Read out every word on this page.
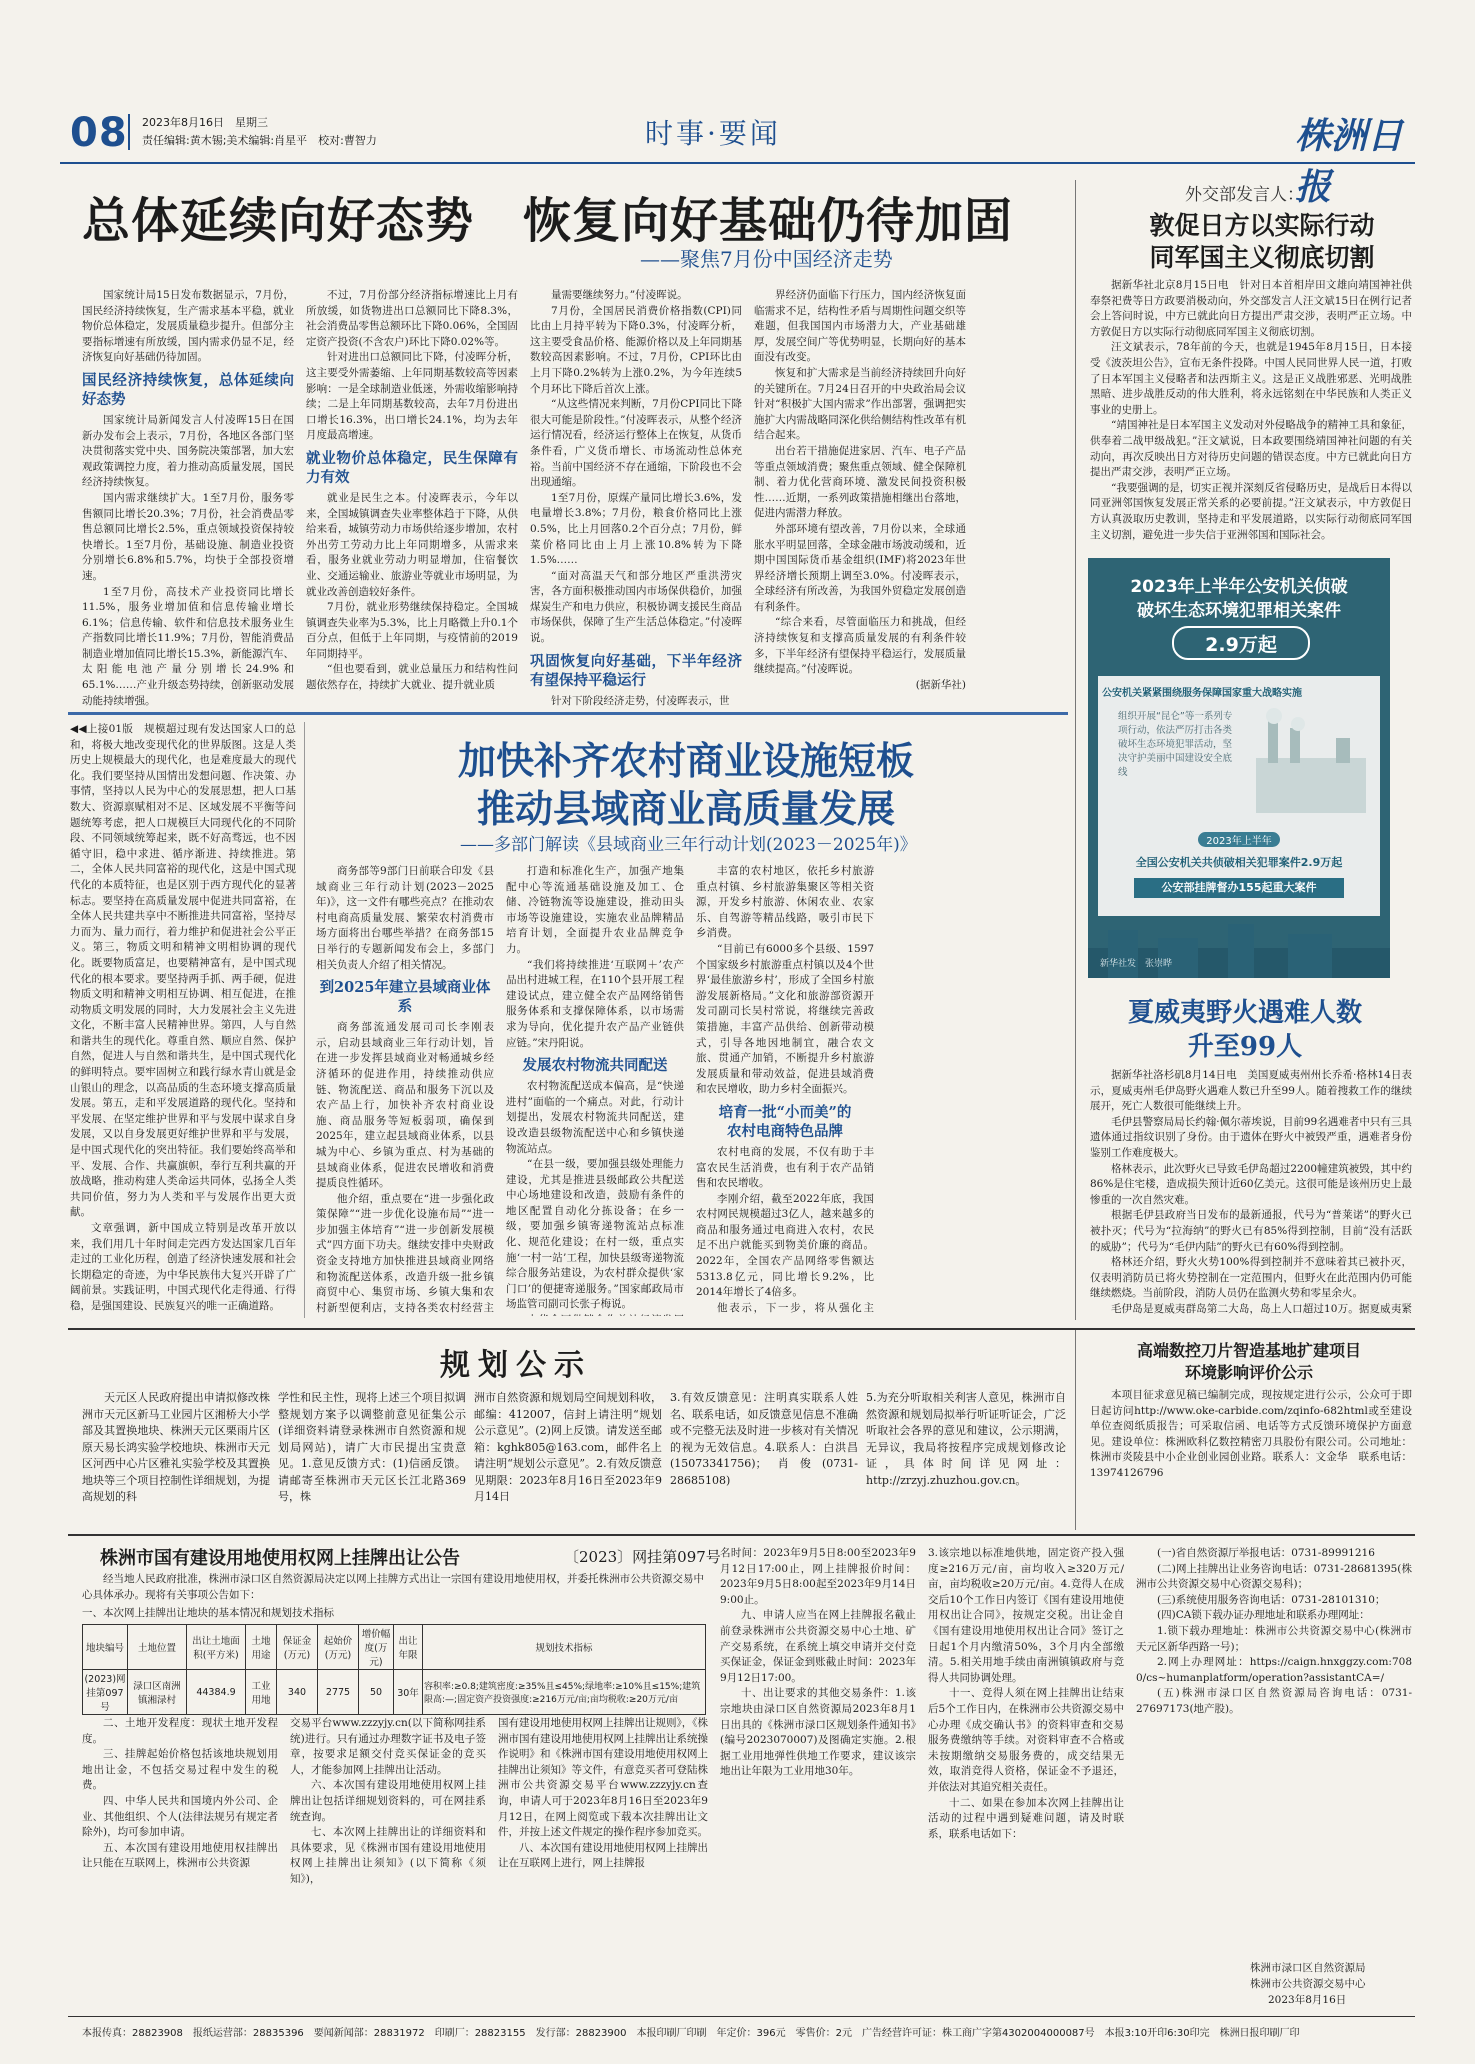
08 2023年8月16日　星期三
责任编辑:黄木锡;美术编辑:肖星平　校对:曹智力	时事·要闻	株洲日报
总体延续向好态势　恢复向好基础仍待加固
——聚焦7月份中国经济走势

国家统计局15日发布数据显示，7月份，国民经济持续恢复，生产需求基本平稳，就业物价总体稳定，发展质量稳步提升。但部分主要指标增速有所放缓，国内需求仍显不足，经济恢复向好基础仍待加固。

国民经济持续恢复，总体延续向好态势

国家统计局新闻发言人付凌晖15日在国新办发布会上表示，7月份，各地区各部门坚决贯彻落实党中央、国务院决策部署，加大宏观政策调控力度，着力推动高质量发展，国民经济持续恢复。

国内需求继续扩大。1至7月份，服务零售额同比增长20.3%；7月份，社会消费品零售总额同比增长2.5%，重点领域投资保持较快增长。1至7月份，基础设施、制造业投资分别增长6.8%和5.7%，均快于全部投资增速。

1至7月份，高技术产业投资同比增长11.5%，服务业增加值和信息传输业增长6.1%；信息传输、软件和信息技术服务业生产指数同比增长11.9%；7月份，智能消费品制造业增加值同比增长15.3%，新能源汽车、太阳能电池产量分别增长24.9%和65.1%……产业升级态势持续，创新驱动发展动能持续增强。

不过，7月份部分经济指标增速比上月有所放缓，如货物进出口总额同比下降8.3%，社会消费品零售总额环比下降0.06%，全国固定资产投资(不含农户)环比下降0.02%等。

针对进出口总额同比下降，付凌晖分析，这主要受外需萎缩、上年同期基数较高等因素影响：一是全球制造业低迷，外需收缩影响持续；二是上年同期基数较高，去年7月份进出口增长16.3%，出口增长24.1%，均为去年月度最高增速。

就业物价总体稳定，民生保障有力有效

就业是民生之本。付凌晖表示，今年以来，全国城镇调查失业率整体趋于下降，从供给来看，城镇劳动力市场供给逐步增加，农村外出劳工劳动力比上年同期增多，从需求来看，服务业就业劳动力明显增加，住宿餐饮业、交通运输业、旅游业等就业市场明显，为就业改善创造较好条件。

7月份，就业形势继续保持稳定。全国城镇调查失业率为5.3%，比上月略微上升0.1个百分点，但低于上年同期，与疫情前的2019年同期持平。

“但也要看到，就业总量压力和结构性问题依然存在，持续扩大就业、提升就业质

量需要继续努力。”付凌晖说。

7月份，全国居民消费价格指数(CPI)同比由上月持平转为下降0.3%，付凌晖分析，这主要受食品价格、能源价格以及上年同期基数较高因素影响。不过，7月份，CPI环比由上月下降0.2%转为上涨0.2%，为今年连续5个月环比下降后首次上涨。

“从这些情况来判断，7月份CPI同比下降很大可能是阶段性。”付凌晖表示，从整个经济运行情况看，经济运行整体上在恢复，从货币条件看，广义货币增长、市场流动性总体充裕。当前中国经济不存在通缩，下阶段也不会出现通缩。

1至7月份，原煤产量同比增长3.6%，发电量增长3.8%；7月份，粮食价格同比上涨0.5%，比上月回落0.2个百分点；7月份，鲜菜价格同比由上月上涨10.8%转为下降1.5%……

“面对高温天气和部分地区严重洪涝灾害，各方面积极推动国内市场保供稳价，加强煤炭生产和电力供应，积极协调支援民生商品市场保供，保障了生产生活总体稳定。”付凌晖说。

巩固恢复向好基础，下半年经济有望保持平稳运行

针对下阶段经济走势，付凌晖表示，世

界经济仍面临下行压力，国内经济恢复面临需求不足，结构性矛盾与周期性问题交织等难题，但我国国内市场潜力大，产业基础雄厚，发展空间广等优势明显，长期向好的基本面没有改变。

恢复和扩大需求是当前经济持续回升向好的关键所在。7月24日召开的中央政治局会议针对“积极扩大国内需求”作出部署，强调把实施扩大内需战略同深化供给侧结构性改革有机结合起来。

出台若干措施促进家居、汽车、电子产品等重点领域消费；聚焦重点领域、健全保障机制、着力优化营商环境、激发民间投资积极性……近期，一系列政策措施相继出台落地，促进内需潜力释放。

外部环境有望改善，7月份以来，全球通胀水平明显回落，全球金融市场波动缓和，近期中国国际货币基金组织(IMF)将2023年世界经济增长预期上调至3.0%。付凌晖表示，全球经济有所改善，为我国外贸稳定发展创造有利条件。

“综合来看，尽管面临压力和挑战，但经济持续恢复和支撑高质量发展的有利条件较多，下半年经济有望保持平稳运行，发展质量继续提高。”付凌晖说。

(据新华社)
外交部发言人：
敦促日方以实际行动
同军国主义彻底切割

据新华社北京8月15日电　针对日本首相岸田文雄向靖国神社供奉祭祀费等日方政要消极动向，外交部发言人汪文斌15日在例行记者会上答问时说，中方已就此向日方提出严肃交涉，表明严正立场。中方敦促日方以实际行动彻底同军国主义彻底切割。

汪文斌表示，78年前的今天，也就是1945年8月15日，日本接受《波茨坦公告》，宣布无条件投降。中国人民同世界人民一道，打败了日本军国主义侵略者和法西斯主义。这是正义战胜邪恶、光明战胜黑暗、进步战胜反动的伟大胜利，将永远铭刻在中华民族和人类正义事业的史册上。

“靖国神社是日本军国主义发动对外侵略战争的精神工具和象征，供奉着二战甲级战犯。”汪文斌说，日本政要围绕靖国神社问题的有关动向，再次反映出日方对待历史问题的错误态度。中方已就此向日方提出严肃交涉，表明严正立场。

“我要强调的是，切实正视并深刻反省侵略历史，是战后日本得以同亚洲邻国恢复发展正常关系的必要前提。”汪文斌表示，中方敦促日方认真汲取历史教训，坚持走和平发展道路，以实际行动彻底同军国主义切割，避免进一步失信于亚洲邻国和国际社会。

2023年上半年公安机关侦破
破坏生态环境犯罪相关案件
2.9万起
公安机关紧紧围绕服务保障国家重大战略实施
组织开展“昆仑”等一系列专项行动，依法严厉打击各类破坏生态环境犯罪活动，坚决守护美丽中国建设安全底线
2023年上半年
全国公安机关共侦破相关犯罪案件2.9万起
公安部挂牌督办155起重大案件
新华社发　张崇晔
夏威夷野火遇难人数
升至99人

据新华社洛杉矶8月14日电　美国夏威夷州州长乔希·格林14日表示，夏威夷州毛伊岛野火遇难人数已升至99人。随着搜救工作的继续展开，死亡人数很可能继续上升。

毛伊县警察局局长约翰·佩尔蒂埃说，目前99名遇难者中只有三具遗体通过指纹识别了身份。由于遗体在野火中被毁严重，遇难者身份鉴别工作难度极大。

格林表示，此次野火已导致毛伊岛超过2200幢建筑被毁，其中约86%是住宅楼，造成损失预计近60亿美元。这很可能是该州历史上最惨重的一次自然灾难。

根据毛伊县政府当日发布的最新通报，代号为“普莱诺”的野火已被扑灭；代号为“拉海纳”的野火已有85%得到控制，目前“没有活跃的威胁”；代号为“毛伊内陆”的野火已有60%得到控制。

格林还介绍，野火火势100%得到控制并不意味着其已被扑灭，仅表明消防员已将火势控制在一定范围内，但野火在此范围内仍可能继续燃烧。当前阶段，消防人员仍在监测火势和零星余火。

毛伊岛是夏威夷群岛第二大岛，岛上人口超过10万。据夏威夷紧

◀◀上接01版　规模超过现有发达国家人口的总和，将极大地改变现代化的世界版图。这是人类历史上规模最大的现代化，也是难度最大的现代化。我们要坚持从国情出发想问题、作决策、办事情，坚持以人民为中心的发展思想，把人口基数大、资源禀赋相对不足、区域发展不平衡等问题统筹考虑，把人口规模巨大同现代化的不同阶段、不同领域统筹起来，既不好高骛远，也不因循守旧，稳中求进、循序渐进、持续推进。第二，全体人民共同富裕的现代化，这是中国式现代化的本质特征，也是区别于西方现代化的显著标志。要坚持在高质量发展中促进共同富裕，在全体人民共建共享中不断推进共同富裕，坚持尽力而为、量力而行，着力维护和促进社会公平正义。第三，物质文明和精神文明相协调的现代化。既要物质富足，也要精神富有，是中国式现代化的根本要求。要坚持两手抓、两手硬，促进物质文明和精神文明相互协调、相互促进，在推动物质文明发展的同时，大力发展社会主义先进文化，不断丰富人民精神世界。第四，人与自然和谐共生的现代化。尊重自然、顺应自然、保护自然，促进人与自然和谐共生，是中国式现代化的鲜明特点。要牢固树立和践行绿水青山就是金山银山的理念，以高品质的生态环境支撑高质量发展。第五，走和平发展道路的现代化。坚持和平发展、在坚定维护世界和平与发展中谋求自身发展，又以自身发展更好维护世界和平与发展，是中国式现代化的突出特征。我们要始终高举和平、发展、合作、共赢旗帜，奉行互利共赢的开放战略，推动构建人类命运共同体，弘扬全人类共同价值，努力为人类和平与发展作出更大贡献。

文章强调，新中国成立特别是改革开放以来，我们用几十年时间走完西方发达国家几百年走过的工业化历程，创造了经济快速发展和社会长期稳定的奇迹，为中华民族伟大复兴开辟了广阔前景。实践证明，中国式现代化走得通、行得稳，是强国建设、民族复兴的唯一正确道路。

加快补齐农村商业设施短板
推动县域商业高质量发展
——多部门解读《县域商业三年行动计划(2023－2025年)》

商务部等9部门日前联合印发《县域商业三年行动计划(2023－2025年)》，这一文件有哪些亮点？在推动农村电商高质量发展、繁荣农村消费市场方面将出台哪些举措？在商务部15日举行的专题新闻发布会上，多部门相关负责人介绍了相关情况。

到2025年建立县域商业体系

商务部流通发展司司长李刚表示，启动县域商业三年行动计划，旨在进一步发挥县域商业对畅通城乡经济循环的促进作用，持续推动供应链、物流配送、商品和服务下沉以及农产品上行，加快补齐农村商业设施、商品服务等短板弱项，确保到2025年，建立起县域商业体系，以县城为中心、乡镇为重点、村为基础的县域商业体系，促进农民增收和消费提质良性循环。

他介绍，重点要在“进一步强化政策保障”“进一步优化设施布局”“进一步加强主体培育”“进一步创新发展模式”四方面下功夫。继续安排中央财政资金支持地方加快推进县域商业网络和物流配送体系，改造升级一批乡镇商贸中心、集贸市场、乡镇大集和农村新型便利店，支持各类农村经营主

打造和标准化生产，加强产地集配中心等流通基础设施及加工、仓储、冷链物流等设施建设，推动田头市场等设施建设，实施农业品牌精品培育计划，全面提升农业品牌竞争力。

“我们将持续推进‘互联网＋’农产品出村进城工程，在110个县开展工程建设试点，建立健全农产品网络销售服务体系和支撑保障体系，以市场需求为导向，优化提升农产品产业链供应链。”宋丹阳说。

发展农村物流共同配送

农村物流配送成本偏高，是“快递进村”面临的一个痛点。对此，行动计划提出，发展农村物流共同配送，建设改造县级物流配送中心和乡镇快递物流站点。

“在县一级，要加强县级处理能力建设，尤其是推进县级邮政公共配送中心场地建设和改造，鼓励有条件的地区配置自动化分拣设备；在乡一级，要加强乡镇寄递物流站点标准化、规范化建设；在村一级，重点实施‘一村一站’工程，加快县级寄递物流综合服务站建设，为农村群众提供‘家门口’的便捷寄递服务。”国家邮政局市场监管司副司长张子梅说。

丰富的农村地区，依托乡村旅游重点村镇、乡村旅游集聚区等相关资源，开发乡村旅游、休闲农业、农家乐、自驾游等精品线路，吸引市民下乡消费。

“目前已有6000多个县级、1597个国家级乡村旅游重点村镇以及4个世界‘最佳旅游乡村’，形成了全国乡村旅游发展新格局。”文化和旅游部资源开发司副司长吴村常说，将继续完善政策措施，丰富产品供给、创新带动模式，引导各地因地制宜，融合农文旅、贯通产加销，不断提升乡村旅游发展质量和带动效益，促进县域消费和农民增收，助力乡村全面振兴。

培育一批“小而美”的
农村电商特色品牌

农村电商的发展，不仅有助于丰富农民生活消费，也有利于农产品销售和农民增收。

李刚介绍，截至2022年底，我国农村网民规模超过3亿人，越来越多的商品和服务通过电商进入农村，农民足不出户就能买到物美价廉的商品。2022年，全国农产品网络零售额达5313.8亿元，同比增长9.2%，比2014年增长了4倍多。

他表示，下一步，将从强化主

规划公示
天元区人民政府提出申请拟修改株洲市天元区新马工业园片区湘桥大小学部及其置换地块、株洲天元区栗雨片区原天易长鸿实验学校地块、株洲市天元区河西中心片区雅礼实验学校及其置换地块等三个项目控制性详细规划，为提高规划的科
学性和民主性，现将上述三个项目拟调整规划方案予以调整前意见征集公示(详细资料请登录株洲市自然资源和规划局网站)，请广大市民提出宝贵意见。1.意见反馈方式：(1)信函反馈。请邮寄至株洲市天元区长江北路369号，株
洲市自然资源和规划局空间规划科收，邮编：412007，信封上请注明“规划公示意见”。(2)网上反馈。请发送至邮箱：kghk805@163.com，邮件名上请注明“规划公示意见”。2.有效反馈意见期限：2023年8月16日至2023年9月14日
3.有效反馈意见：注明真实联系人姓名、联系电话，如反馈意见信息不准确或不完整无法及时进一步核对有关情况的视为无效信息。4.联系人：白洪昌(15073341756)；肖俊(0731-28685108)
5.为充分听取相关利害人意见，株洲市自然资源和规划局拟举行听证听证会，广泛听取社会各界的意见和建议，公示期满，无异议，我局将按程序完成规划修改论证，具体时间详见网址：http://zrzyj.zhuzhou.gov.cn。
高端数控刀片智造基地扩建项目
环境影响评价公示
本项目征求意见稿已编制完成，现按规定进行公示，公众可于即日起访问http://www.oke-carbide.com/zqinfo-682html或至建设单位查阅纸质报告；可采取信函、电话等方式反馈环境保护方面意见。建设单位：株洲欧科亿数控精密刀具股份有限公司。公司地址：株洲市炎陵县中小企业创业园创业路。联系人：文金华　联系电话：13974126796
株洲市国有建设用地使用权网上挂牌出让公告	〔2023〕网挂第097号
经当地人民政府批准，株洲市渌口区自然资源局决定以网上挂牌方式出让一宗国有建设用地使用权，并委托株洲市公共资源交易中心具体承办。现将有关事项公告如下：
一、本次网上挂牌出让地块的基本情况和规划技术指标
地块编号	土地位置	出让土地面积(平方米)	土地用途	保证金(万元)	起始价(万元)	增价幅度(万元)	出让年限	规划技术指标
(2023)网挂第097号	渌口区南洲镇湘渌村	44384.9	工业用地	340	2775	50	30年	容积率:≥0.8;建筑密度:≥35%且≤45%;绿地率:≥10%且≤15%;建筑限高:—;固定资产投资强度:≥216万元/亩;亩均税收:≥20万元/亩

二、土地开发程度：现状土地开发程度。

三、挂牌起始价格包括该地块规划用地出让金，不包括交易过程中发生的税费。

四、中华人民共和国境内外公司、企业、其他组织、个人(法律法规另有规定者除外)，均可参加申请。

五、本次国有建设用地使用权挂牌出让只能在互联网上，株洲市公共资源

交易平台www.zzzyjy.cn(以下简称网挂系统)进行。只有通过办理数字证书及电子签章，按要求足额交付竞买保证金的竞买人，才能参加网上挂牌出让活动。

六、本次国有建设用地使用权网上挂牌出让包括详细规划资料的，可在网挂系统查询。

七、本次网上挂牌出让的详细资料和具体要求，见《株洲市国有建设用地使用权网上挂牌出让须知》(以下简称《须知》)，

国有建设用地使用权网上挂牌出让规则》，《株洲市国有建设用地使用权网上挂牌出让系统操作说明》和《株洲市国有建设用地使用权网上挂牌出让须知》等文件，有意竞买者可登陆株洲市公共资源交易平台www.zzzyjy.cn查询，申请人可于2023年8月16日至2023年9月12日，在网上阅览或下载本次挂牌出让文件，并按上述文件规定的操作程序参加竞买。

八、本次国有建设用地使用权网上挂牌出让在互联网上进行，网上挂牌报

名时间：2023年9月5日8:00至2023年9月12日17:00止，网上挂牌报价时间：2023年9月5日8:00起至2023年9月14日9:00止。

九、申请人应当在网上挂牌报名截止前登录株洲市公共资源交易中心土地、矿产交易系统，在系统上填交申请并交付竞买保证金，保证金到账截止时间：2023年9月12日17:00。

十、出让要求的其他交易条件：1.该宗地块由渌口区自然资源局2023年8月1日出具的《株洲市渌口区规划条件通知书》(编号2023070007)及图确定实施。2.根据工业用地弹性供地工作要求，建议该宗地出让年限为工业用地30年。

3.该宗地以标准地供地，固定资产投入强度≥216万元/亩，亩均收入≥320万元/亩，亩均税收≥20万元/亩。4.竞得人在成交后10个工作日内签订《国有建设用地使用权出让合同》，按规定交税。出让金自《国有建设用地使用权出让合同》签订之日起1个月内缴清50%，3个月内全部缴清。5.相关用地手续由南洲镇镇政府与竞得人共同协调处理。

十一、竞得人须在网上挂牌出让结束后5个工作日内，在株洲市公共资源交易中心办理《成交确认书》的资料审查和交易服务费缴纳等手续。对资料审查不合格或未按期缴纳交易服务费的，成交结果无效，取消竞得人资格，保证金不予退还，并依法对其追究相关责任。

十二、如果在参加本次网上挂牌出让活动的过程中遇到疑难问题，请及时联系，联系电话如下：

(一)省自然资源厅举报电话：0731-89991216

(二)网上挂牌出让业务咨询电话：0731-28681395(株洲市公共资源交易中心资源交易科)；

(三)系统使用服务咨询电话：0731-28101310；

(四)CA锁下载办证办理地址和联系办理网址：

1.锁下载办理地址：株洲市公共资源交易中心(株洲市天元区新华西路一号)；

2.网上办理网址：https://caign.hnxggzy.com:7080/cs~humanplatform/operation?assistantCA=/

(五)株洲市渌口区自然资源局咨询电话：0731-27697173(地产股)。

株洲市渌口区自然资源局
株洲市公共资源交易中心
2023年8月16日
本报传真：28823908　报纸运营部：28835396　要闻新闻部：28831972　印刷厂：28823155　发行部：28823900　本报印刷厂印刷　年定价：396元　零售价：2元　广告经营许可证：株工商广字第4302004000087号　本报3:10开印6:30印完　株洲日报印刷厂印
